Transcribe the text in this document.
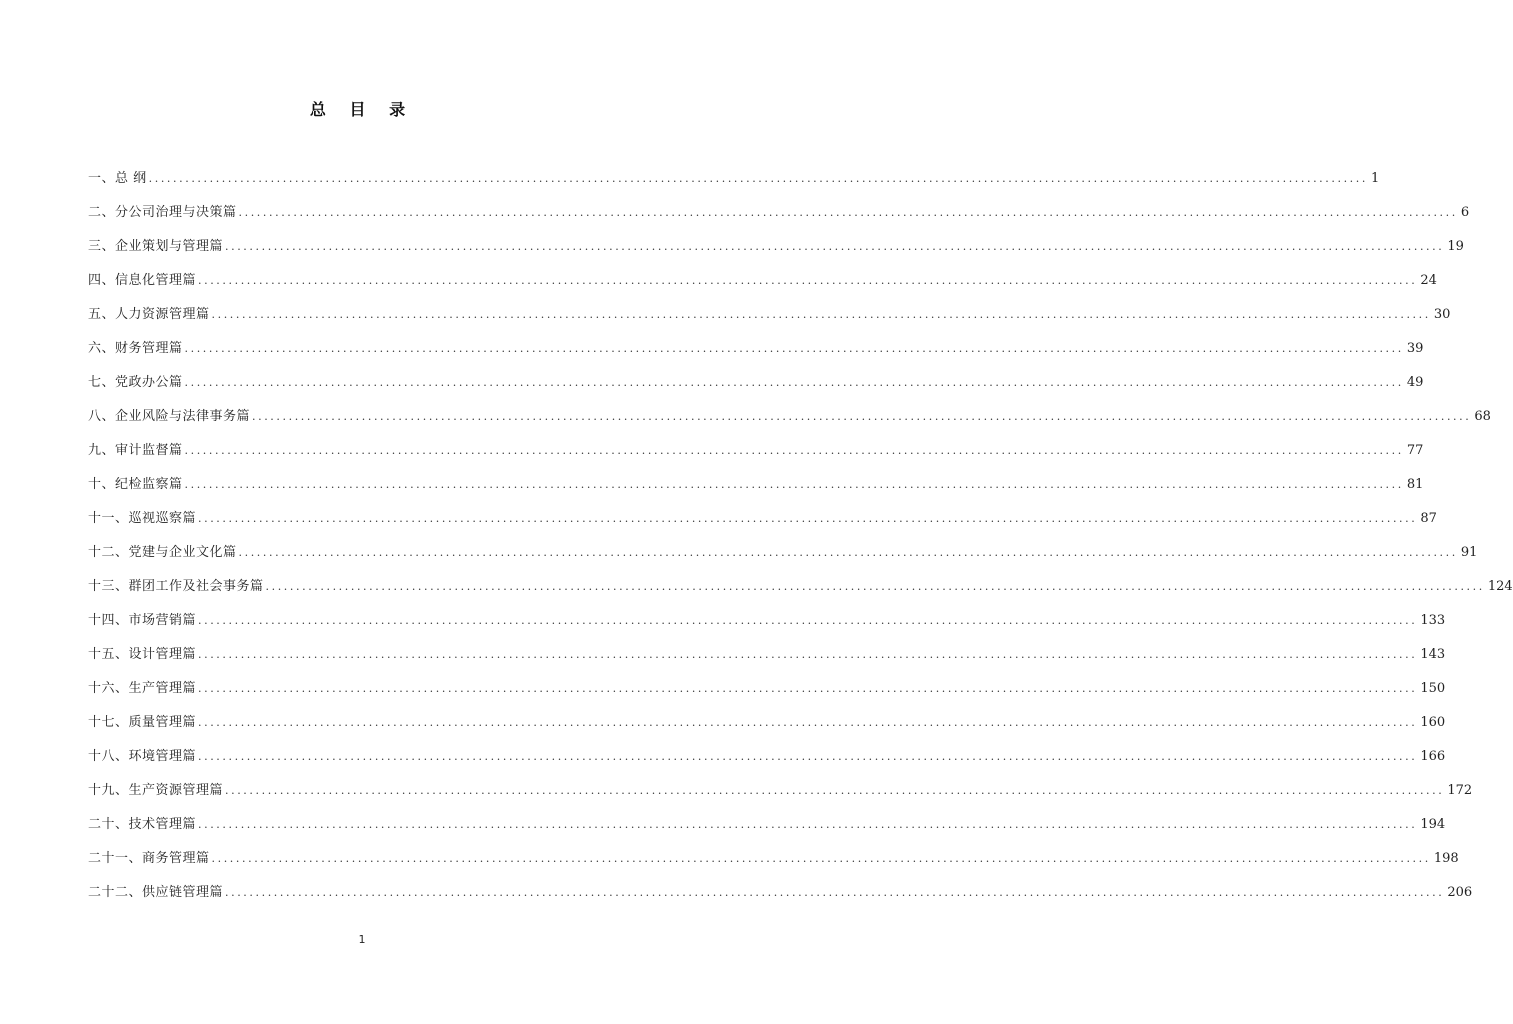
总 目 录
一、总 纲 ........................................................................................................................................................................................................ 1
二、分公司治理与决策篇 ........................................................................................................................................................................................................ 6
三、企业策划与管理篇 ........................................................................................................................................................................................................ 19
四、信息化管理篇 ........................................................................................................................................................................................................ 24
五、人力资源管理篇 ........................................................................................................................................................................................................ 30
六、财务管理篇 ........................................................................................................................................................................................................ 39
七、党政办公篇 ........................................................................................................................................................................................................ 49
八、企业风险与法律事务篇 ........................................................................................................................................................................................................ 68
九、审计监督篇 ........................................................................................................................................................................................................ 77
十、纪检监察篇 ........................................................................................................................................................................................................ 81
十一、巡视巡察篇 ........................................................................................................................................................................................................ 87
十二、党建与企业文化篇 ........................................................................................................................................................................................................ 91
十三、群团工作及社会事务篇 ........................................................................................................................................................................................................ 124
十四、市场营销篇 ........................................................................................................................................................................................................ 133
十五、设计管理篇 ........................................................................................................................................................................................................ 143
十六、生产管理篇 ........................................................................................................................................................................................................ 150
十七、质量管理篇 ........................................................................................................................................................................................................ 160
十八、环境管理篇 ........................................................................................................................................................................................................ 166
十九、生产资源管理篇 ........................................................................................................................................................................................................ 172
二十、技术管理篇 ........................................................................................................................................................................................................ 194
二十一、商务管理篇 ........................................................................................................................................................................................................ 198
二十二、供应链管理篇 ........................................................................................................................................................................................................ 206
1
